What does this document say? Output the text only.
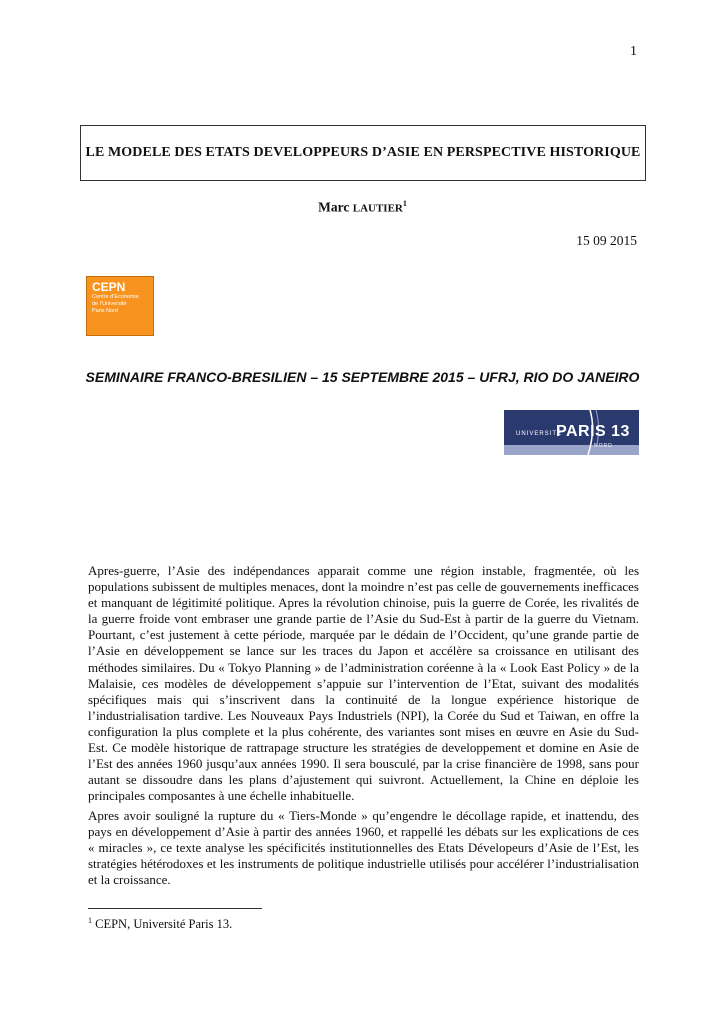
1
LE MODELE DES ETATS DEVELOPPEURS D’ASIE EN PERSPECTIVE HISTORIQUE
Marc LAUTIER$^1$
15 09 2015
CEPN
Centre d’Economie
de l’Université
Paris Nord
SEMINAIRE FRANCO-BRESILIEN – 15 SEPTEMBRE 2015 – UFRJ, RIO DO JANEIRO
UNIVERSITÉ
PARIS 13
NORD

Apres-guerre, l’Asie des indépendances apparait comme une région instable, fragmentée, où les populations subissent de multiples menaces, dont la moindre n’est pas celle de gouvernements inefficaces et manquant de légitimité politique. Apres la révolution chinoise, puis la guerre de Corée, les rivalités de la guerre froide vont embraser une grande partie de l’Asie du Sud-Est à partir de la guerre du Vietnam. Pourtant, c’est justement à cette période, marquée par le dédain de l’Occident, qu’une grande partie de l’Asie en développement se lance sur les traces du Japon et accélère sa croissance en utilisant des méthodes similaires. Du « Tokyo Planning » de l’administration coréenne à la « Look East Policy » de la Malaisie, ces modèles de développement s’appuie sur l’intervention de l’Etat, suivant des modalités spécifiques mais qui s’inscrivent dans la continuité de la longue expérience historique de l’industrialisation tardive. Les Nouveaux Pays Industriels (NPI), la Corée du Sud et Taiwan, en offre la configuration la plus complete et la plus cohérente, des variantes sont mises en œuvre en Asie du Sud-Est. Ce modèle historique de rattrapage structure les stratégies de developpement et domine en Asie de l’Est des années 1960 jusqu’aux années 1990. Il sera bousculé, par la crise financière de 1998, sans pour autant se dissoudre dans les plans d’ajustement qui suivront. Actuellement, la Chine en déploie les principales composantes à une échelle inhabituelle.

Apres avoir souligné la rupture du « Tiers-Monde » qu’engendre le décollage rapide, et inattendu, des pays en développement d’Asie à partir des années 1960, et rappellé les débats sur les explications de ces « miracles », ce texte analyse les spécificités institutionnelles des Etats Dévelopeurs d’Asie de l’Est, les stratégies hétérodoxes et les instruments de politique industrielle utilisés pour accélérer l’industrialisation et la croissance.

$^1$ CEPN, Université Paris 13.
